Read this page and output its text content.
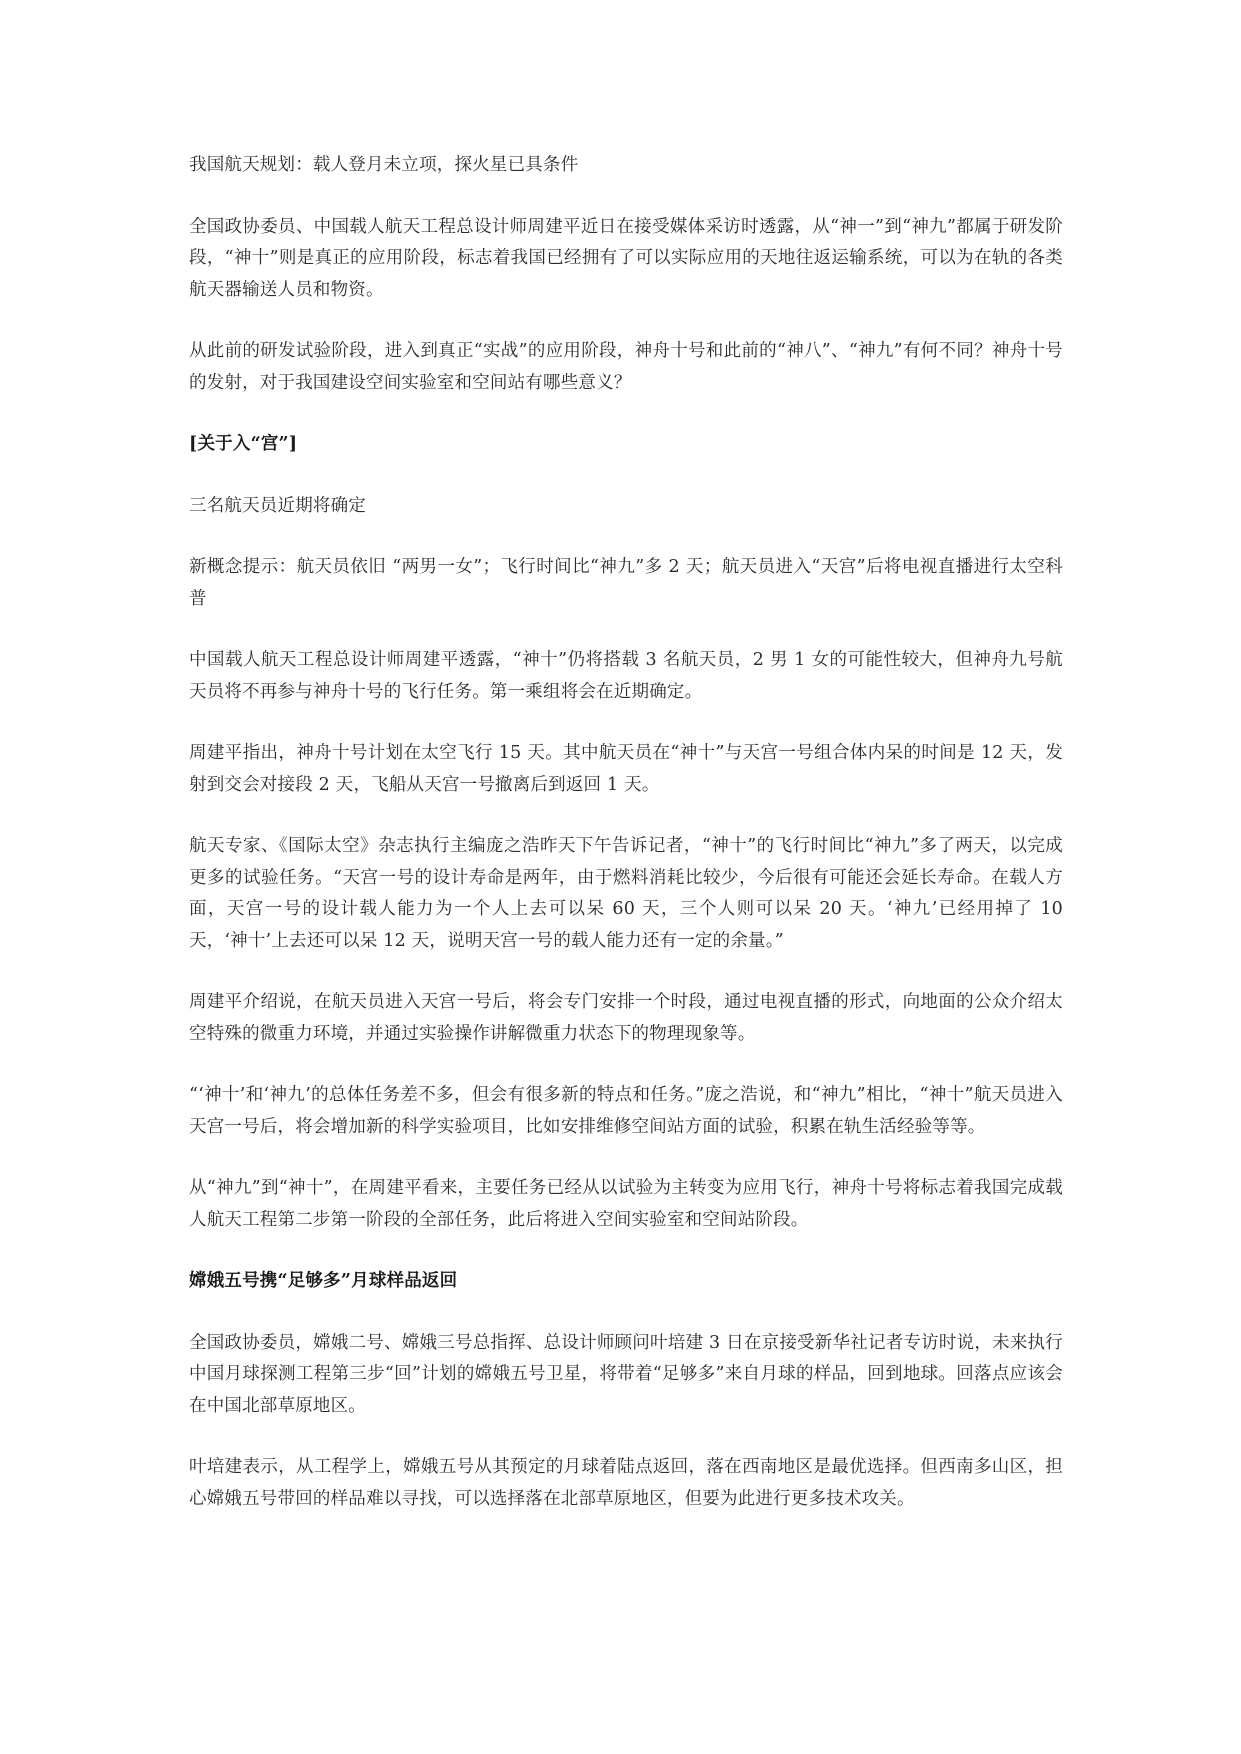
我国航天规划：载人登月未立项，探火星已具条件

全国政协委员、中国载人航天工程总设计师周建平近日在接受媒体采访时透露，从“神一”到“神九”都属于研发阶段，“神十”则是真正的应用阶段，标志着我国已经拥有了可以实际应用的天地往返运输系统，可以为在轨的各类航天器输送人员和物资。

从此前的研发试验阶段，进入到真正“实战”的应用阶段，神舟十号和此前的“神八”、“神九”有何不同？神舟十号的发射，对于我国建设空间实验室和空间站有哪些意义？

[关于入“宫”]

三名航天员近期将确定

新概念提示：航天员依旧 “两男一女”；飞行时间比“神九”多 2 天；航天员进入“天宫”后将电视直播进行太空科普

中国载人航天工程总设计师周建平透露，“神十”仍将搭载 3 名航天员，2 男 1 女的可能性较大，但神舟九号航天员将不再参与神舟十号的飞行任务。第一乘组将会在近期确定。

周建平指出，神舟十号计划在太空飞行 15 天。其中航天员在“神十”与天宫一号组合体内呆的时间是 12 天，发射到交会对接段 2 天，飞船从天宫一号撤离后到返回 1 天。

航天专家、《国际太空》杂志执行主编庞之浩昨天下午告诉记者，“神十”的飞行时间比“神九”多了两天，以完成更多的试验任务。“天宫一号的设计寿命是两年，由于燃料消耗比较少，今后很有可能还会延长寿命。在载人方面，天宫一号的设计载人能力为一个人上去可以呆 60 天，三个人则可以呆 20 天。‘神九’已经用掉了 10 天，‘神十’上去还可以呆 12 天，说明天宫一号的载人能力还有一定的余量。”

周建平介绍说，在航天员进入天宫一号后，将会专门安排一个时段，通过电视直播的形式，向地面的公众介绍太空特殊的微重力环境，并通过实验操作讲解微重力状态下的物理现象等。

“‘神十’和‘神九’的总体任务差不多，但会有很多新的特点和任务。”庞之浩说，和“神九”相比，“神十”航天员进入天宫一号后，将会增加新的科学实验项目，比如安排维修空间站方面的试验，积累在轨生活经验等等。

从“神九”到“神十”，在周建平看来，主要任务已经从以试验为主转变为应用飞行，神舟十号将标志着我国完成载人航天工程第二步第一阶段的全部任务，此后将进入空间实验室和空间站阶段。

嫦娥五号携“足够多”月球样品返回

全国政协委员，嫦娥二号、嫦娥三号总指挥、总设计师顾问叶培建 3 日在京接受新华社记者专访时说，未来执行中国月球探测工程第三步“回”计划的嫦娥五号卫星，将带着“足够多”来自月球的样品，回到地球。回落点应该会在中国北部草原地区。

叶培建表示，从工程学上，嫦娥五号从其预定的月球着陆点返回，落在西南地区是最优选择。但西南多山区，担心嫦娥五号带回的样品难以寻找，可以选择落在北部草原地区，但要为此进行更多技术攻关。
